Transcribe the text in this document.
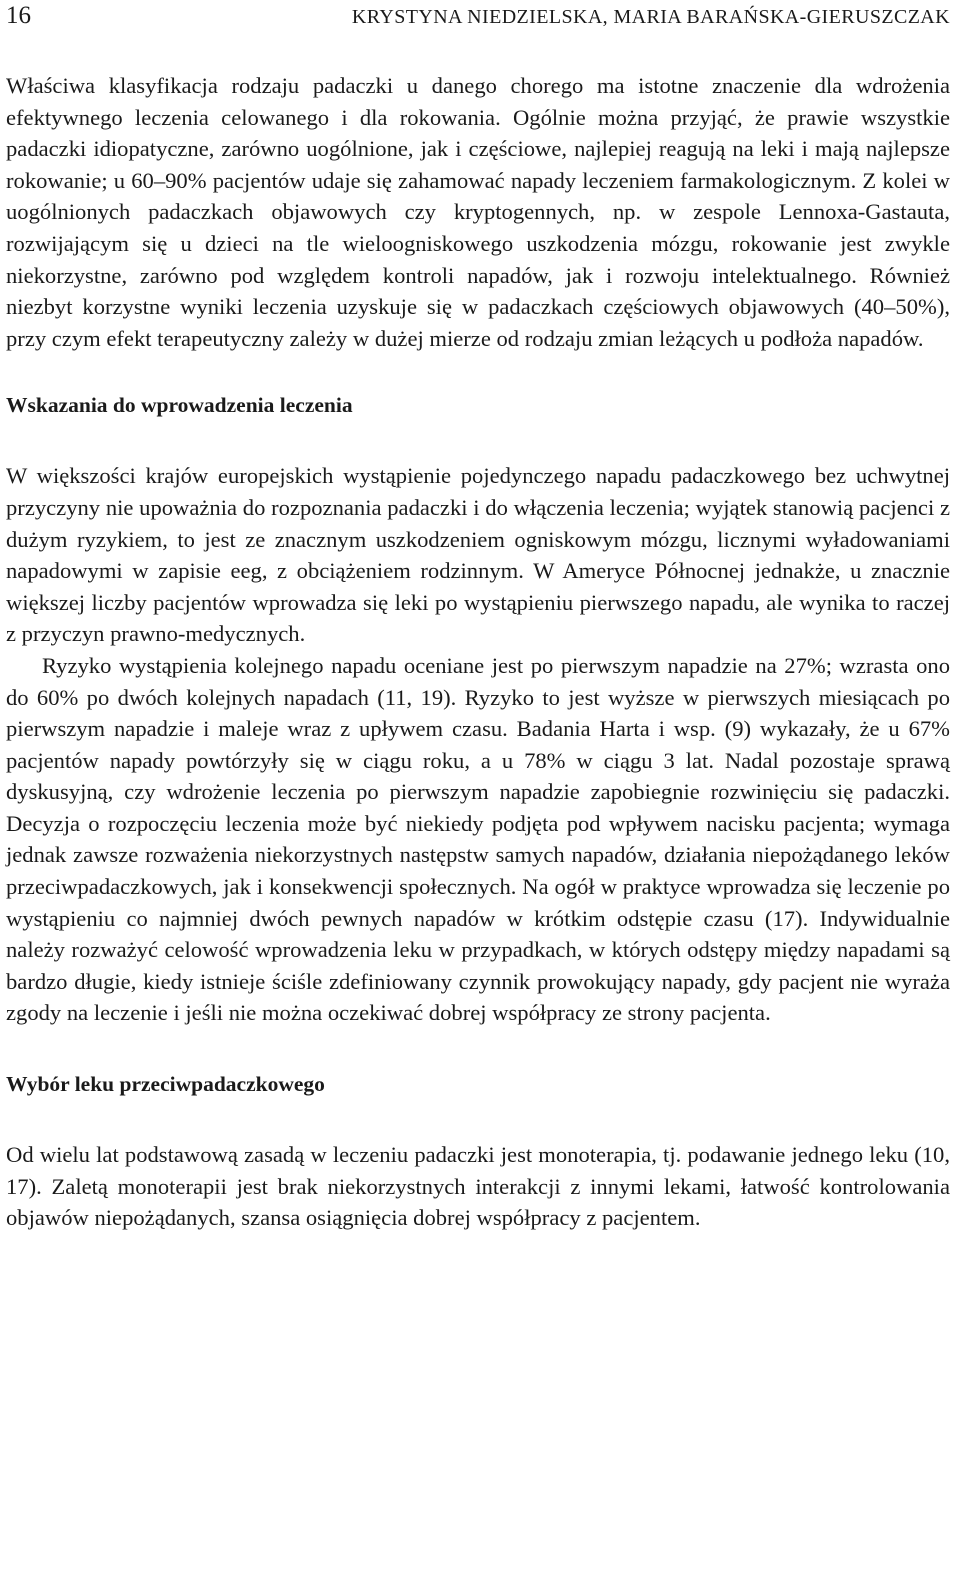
16	KRYSTYNA NIEDZIELSKA, MARIA BARAŃSKA-GIERUSZCZAK

Właściwa klasyfikacja rodzaju padaczki u danego chorego ma istotne znaczenie dla wdrożenia efektywnego leczenia celowanego i dla rokowania. Ogólnie można przyjąć, że prawie wszystkie padaczki idiopatyczne, zarówno uogólnione, jak i częściowe, najlepiej reagują na leki i mają najlepsze rokowanie; u 60–90% pacjentów udaje się zahamować napady leczeniem farmakologicznym. Z kolei w uogólnionych padaczkach objawowych czy kryptogennych, np. w zespole Lennoxa-Gastauta, rozwijającym się u dzieci na tle wieloogniskowego uszkodzenia mózgu, rokowanie jest zwykle niekorzystne, zarówno pod względem kontroli napadów, jak i rozwoju intelektualnego. Również niezbyt korzystne wyniki leczenia uzyskuje się w padaczkach częściowych objawowych (40–50%), przy czym efekt terapeutyczny zależy w dużej mierze od rodzaju zmian leżących u podłoża napadów.

Wskazania do wprowadzenia leczenia

W większości krajów europejskich wystąpienie pojedynczego napadu padaczkowego bez uchwytnej przyczyny nie upoważnia do rozpoznania padaczki i do włączenia leczenia; wyjątek stanowią pacjenci z dużym ryzykiem, to jest ze znacznym uszkodzeniem ogniskowym mózgu, licznymi wyładowaniami napadowymi w zapisie eeg, z obciążeniem rodzinnym. W Ameryce Północnej jednakże, u znacznie większej liczby pacjentów wprowadza się leki po wystąpieniu pierwszego napadu, ale wynika to raczej z przyczyn prawno-medycznych.

Ryzyko wystąpienia kolejnego napadu oceniane jest po pierwszym napadzie na 27%; wzrasta ono do 60% po dwóch kolejnych napadach (11, 19). Ryzyko to jest wyższe w pierwszych miesiącach po pierwszym napadzie i maleje wraz z upływem czasu. Badania Harta i wsp. (9) wykazały, że u 67% pacjentów napady powtórzyły się w ciągu roku, a u 78% w ciągu 3 lat. Nadal pozostaje sprawą dyskusyjną, czy wdrożenie leczenia po pierwszym napadzie zapobiegnie rozwinięciu się padaczki. Decyzja o rozpoczęciu leczenia może być niekiedy podjęta pod wpływem nacisku pacjenta; wymaga jednak zawsze rozważenia niekorzystnych następstw samych napadów, działania niepożądanego leków przeciwpadaczkowych, jak i konsekwencji społecznych. Na ogół w praktyce wprowadza się leczenie po wystąpieniu co najmniej dwóch pewnych napadów w krótkim odstępie czasu (17). Indywidualnie należy rozważyć celowość wprowadzenia leku w przypadkach, w których odstępy między napadami są bardzo długie, kiedy istnieje ściśle zdefiniowany czynnik prowokujący napady, gdy pacjent nie wyraża zgody na leczenie i jeśli nie można oczekiwać dobrej współpracy ze strony pacjenta.

Wybór leku przeciwpadaczkowego

Od wielu lat podstawową zasadą w leczeniu padaczki jest monoterapia, tj. podawanie jednego leku (10, 17). Zaletą monoterapii jest brak niekorzystnych interakcji z innymi lekami, łatwość kontrolowania objawów niepożądanych, szansa osiągnięcia dobrej współpracy z pacjentem.
